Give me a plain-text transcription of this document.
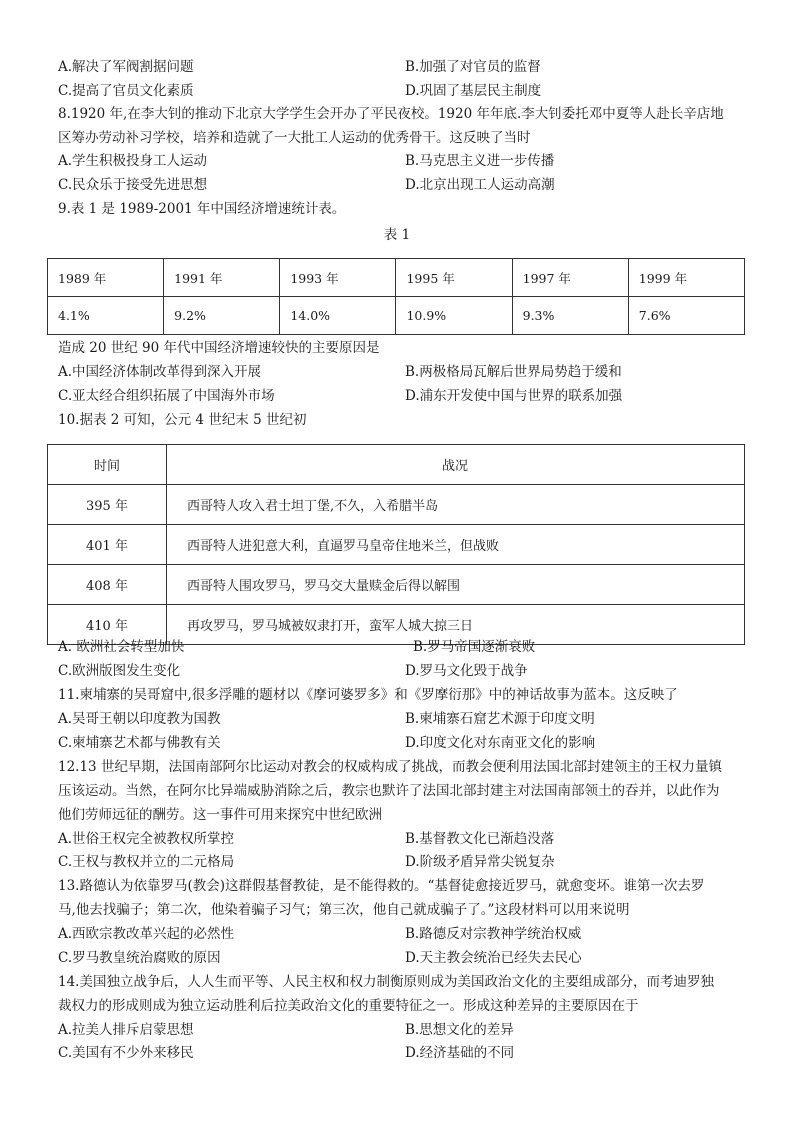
A.解决了军阀割据问题	B.加强了对官员的监督
C.提高了官员文化素质	D.巩固了基层民主制度
8.1920 年,在李大钊的推动下北京大学学生会开办了平民夜校。1920 年年底.李大钊委托邓中夏等人赴长辛店地
区筹办劳动补习学校，培养和造就了一大批工人运动的优秀骨干。这反映了当时
A.学生积极投身工人运动	B.马克思主义进一步传播
C.民众乐于接受先进思想	D.北京出现工人运动高潮
9.表 1 是 1989-2001 年中国经济增速统计表。
表 1
1989 年	1991 年	1993 年	1995 年	1997 年	1999 年
4.1%	9.2%	14.0%	10.9%	9.3%	7.6%
造成 20 世纪 90 年代中国经济增速较快的主要原因是
A.中国经济体制改革得到深入开展	B.两极格局瓦解后世界局势趋于缓和
C.亚太经合组织拓展了中国海外市场	D.浦东开发使中国与世界的联系加强
10.据表 2 可知，公元 4 世纪末 5 世纪初
时间	战况
395 年	西哥特人攻入君士坦丁堡,不久，入希腊半岛
401 年	西哥特人进犯意大利，直逼罗马皇帝住地米兰，但战败
408 年	西哥特人围攻罗马，罗马交大量赎金后得以解围
410 年	再攻罗马，罗马城被奴隶打开，蛮军人城大掠三日
A. 欧洲社会转型加快	B.罗马帝国逐渐衰败
C.欧洲版图发生变化	D.罗马文化毁于战争
11.柬埔寨的吴哥窟中,很多浮雕的题材以《摩诃婆罗多》和《罗摩衍那》中的神话故事为蓝本。这反映了
A.吴哥王朝以印度教为国教	B.柬埔寨石窟艺术源于印度文明
C.柬埔寨艺术都与佛教有关	D.印度文化对东南亚文化的影响
12.13 世纪早期，法国南部阿尔比运动对教会的权威构成了挑战，而教会便利用法国北部封建领主的王权力量镇
压该运动。当然，在阿尔比异端威胁消除之后，教宗也默许了法国北部封建主对法国南部领土的吞并，以此作为
他们劳师远征的酬劳。这一事件可用来探究中世纪欧洲
A.世俗王权完全被教权所掌控	B.基督教文化已渐趋没落
C.王权与教权并立的二元格局	D.阶级矛盾异常尖锐复杂
13.路德认为依靠罗马(教会)这群假基督教徒，是不能得救的。“基督徒愈接近罗马，就愈变坏。谁第一次去罗
马,他去找骗子；第二次，他染着骗子习气；第三次，他自己就成骗子了。”这段材料可以用来说明
A.西欧宗教改革兴起的必然性	B.路德反对宗教神学统治权威
C.罗马教皇统治腐败的原因	D.天主教会统治已经失去民心
14.美国独立战争后，人人生而平等、人民主权和权力制衡原则成为美国政治文化的主要组成部分，而考迪罗独
裁权力的形成则成为独立运动胜利后拉美政治文化的重要特征之一。形成这种差异的主要原因在于
A.拉美人排斥启蒙思想	B.思想文化的差异
C.美国有不少外来移民	D.经济基础的不同
